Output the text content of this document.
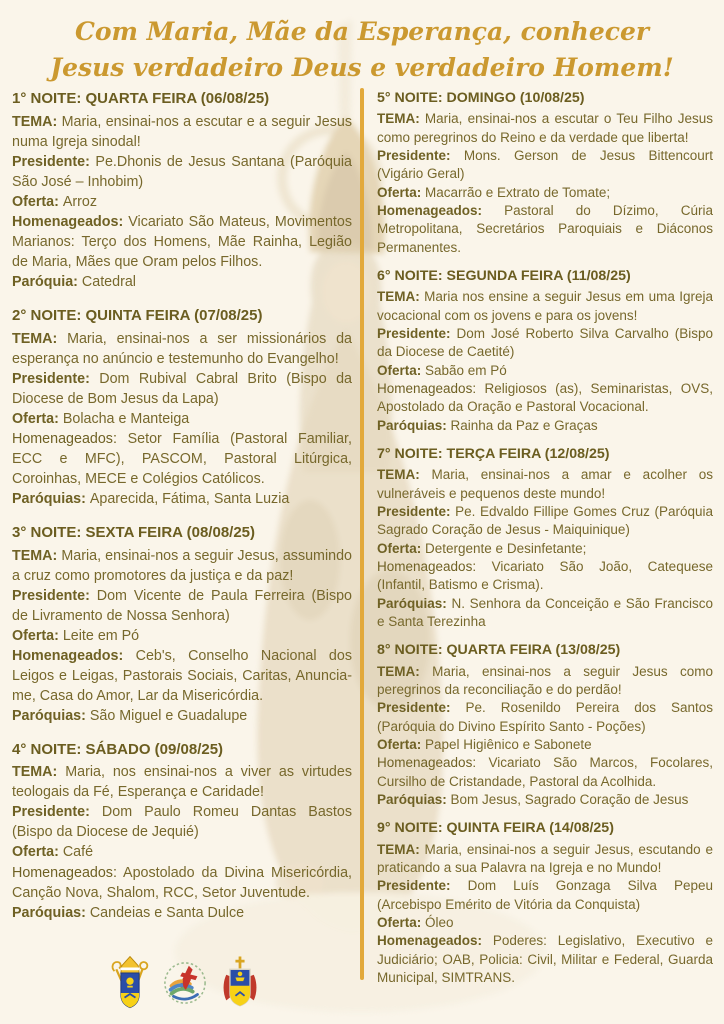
Com Maria, Mãe da Esperança, conhecer
Jesus verdadeiro Deus e verdadeiro Homem!
1° NOITE: QUARTA FEIRA (06/08/25)

TEMA: Maria, ensinai-nos a escutar e a seguir Jesus numa Igreja sinodal!

Presidente: Pe.Dhonis de Jesus Santana (Paróquia São José – Inhobim)

Oferta: Arroz

Homenageados: Vicariato São Mateus, Movimentos Marianos: Terço dos Homens, Mãe Rainha, Legião de Maria, Mães que Oram pelos Filhos.

Paróquia: Catedral

2° NOITE: QUINTA FEIRA (07/08/25)

TEMA: Maria, ensinai-nos a ser missionários da esperança no anúncio e testemunho do Evangelho!

Presidente: Dom Rubival Cabral Brito (Bispo da Diocese de Bom Jesus da Lapa)

Oferta: Bolacha e Manteiga

Homenageados: Setor Família (Pastoral Familiar, ECC e MFC), PASCOM, Pastoral Litúrgica, Coroinhas, MECE e Colégios Católicos.

Paróquias: Aparecida, Fátima, Santa Luzia

3° NOITE: SEXTA FEIRA (08/08/25)

TEMA: Maria, ensinai-nos a seguir Jesus, assumindo a cruz como promotores da justiça e da paz!

Presidente: Dom Vicente de Paula Ferreira (Bispo de Livramento de Nossa Senhora)

Oferta: Leite em Pó

Homenageados: Ceb's, Conselho Nacional dos Leigos e Leigas, Pastorais Sociais, Caritas, Anuncia-me, Casa do Amor, Lar da Misericórdia.

Paróquias: São Miguel e Guadalupe

4° NOITE: SÁBADO (09/08/25)

TEMA: Maria, nos ensinai-nos a viver as virtudes teologais da Fé, Esperança e Caridade!

Presidente: Dom Paulo Romeu Dantas Bastos (Bispo da Diocese de Jequié)

Oferta: Café

Homenageados: Apostolado da Divina Misericórdia, Canção Nova, Shalom, RCC, Setor Juventude.

Paróquias: Candeias e Santa Dulce

5° NOITE: DOMINGO (10/08/25)

TEMA: Maria, ensinai-nos a escutar o Teu Filho Jesus como peregrinos do Reino e da verdade que liberta!

Presidente: Mons. Gerson de Jesus Bittencourt (Vigário Geral)

Oferta: Macarrão e Extrato de Tomate;

Homenageados: Pastoral do Dízimo, Cúria Metropolitana, Secretários Paroquiais e Diáconos Permanentes.

6° NOITE: SEGUNDA FEIRA (11/08/25)

TEMA: Maria nos ensine a seguir Jesus em uma Igreja vocacional com os jovens e para os jovens!

Presidente: Dom José Roberto Silva Carvalho (Bispo da Diocese de Caetité)

Oferta: Sabão em Pó

Homenageados: Religiosos (as), Seminaristas, OVS, Apostolado da Oração e Pastoral Vocacional.

Paróquias: Rainha da Paz e Graças

7° NOITE: TERÇA FEIRA (12/08/25)

TEMA: Maria, ensinai-nos a amar e acolher os vulneráveis e pequenos deste mundo!

Presidente: Pe. Edvaldo Fillipe Gomes Cruz (Paróquia Sagrado Coração de Jesus - Maiquinique)

Oferta: Detergente e Desinfetante;

Homenageados: Vicariato São João, Catequese (Infantil, Batismo e Crisma).

Paróquias: N. Senhora da Conceição e São Francisco e Santa Terezinha

8° NOITE: QUARTA FEIRA (13/08/25)

TEMA: Maria, ensinai-nos a seguir Jesus como peregrinos da reconciliação e do perdão!

Presidente: Pe. Rosenildo Pereira dos Santos (Paróquia do Divino Espírito Santo - Poções)

Oferta: Papel Higiênico e Sabonete

Homenageados: Vicariato São Marcos, Focolares, Cursilho de Cristandade, Pastoral da Acolhida.

Paróquias: Bom Jesus, Sagrado Coração de Jesus

9° NOITE: QUINTA FEIRA (14/08/25)

TEMA: Maria, ensinai-nos a seguir Jesus, escutando e praticando a sua Palavra na Igreja e no Mundo!

Presidente: Dom Luís Gonzaga Silva Pepeu (Arcebispo Emérito de Vitória da Conquista)

Oferta: Óleo

Homenageados: Poderes: Legislativo, Executivo e Judiciário; OAB, Policia: Civil, Militar e Federal, Guarda Municipal, SIMTRANS.
